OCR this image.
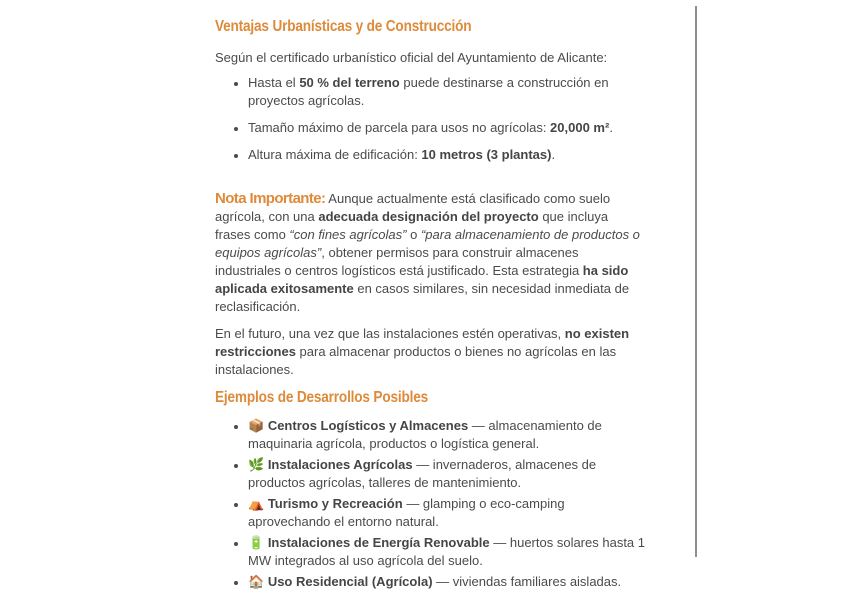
Ventajas Urbanísticas y de Construcción

Según el certificado urbanístico oficial del Ayuntamiento de Alicante:

• Hasta el 50 % del terreno puede destinarse a construcción en proyectos agrícolas.
• Tamaño máximo de parcela para usos no agrícolas: 20,000 m².
• Altura máxima de edificación: 10 metros (3 plantas).

Nota Importante: Aunque actualmente está clasificado como suelo agrícola, con una adecuada designación del proyecto que incluya frases como “con fines agrícolas” o “para almacenamiento de productos o equipos agrícolas”, obtener permisos para construir almacenes industriales o centros logísticos está justificado. Esta estrategia ha sido aplicada exitosamente en casos similares, sin necesidad inmediata de reclasificación.

En el futuro, una vez que las instalaciones estén operativas, no existen restricciones para almacenar productos o bienes no agrícolas en las instalaciones.

Ejemplos de Desarrollos Posibles
• 📦 Centros Logísticos y Almacenes — almacenamiento de maquinaria agrícola, productos o logística general.
• 🌿 Instalaciones Agrícolas — invernaderos, almacenes de productos agrícolas, talleres de mantenimiento.
• ⛺ Turismo y Recreación — glamping o eco-camping aprovechando el entorno natural.
• 🔋 Instalaciones de Energía Renovable — huertos solares hasta 1 MW integrados al uso agrícola del suelo.
• 🏠 Uso Residencial (Agrícola) — viviendas familiares aisladas.
